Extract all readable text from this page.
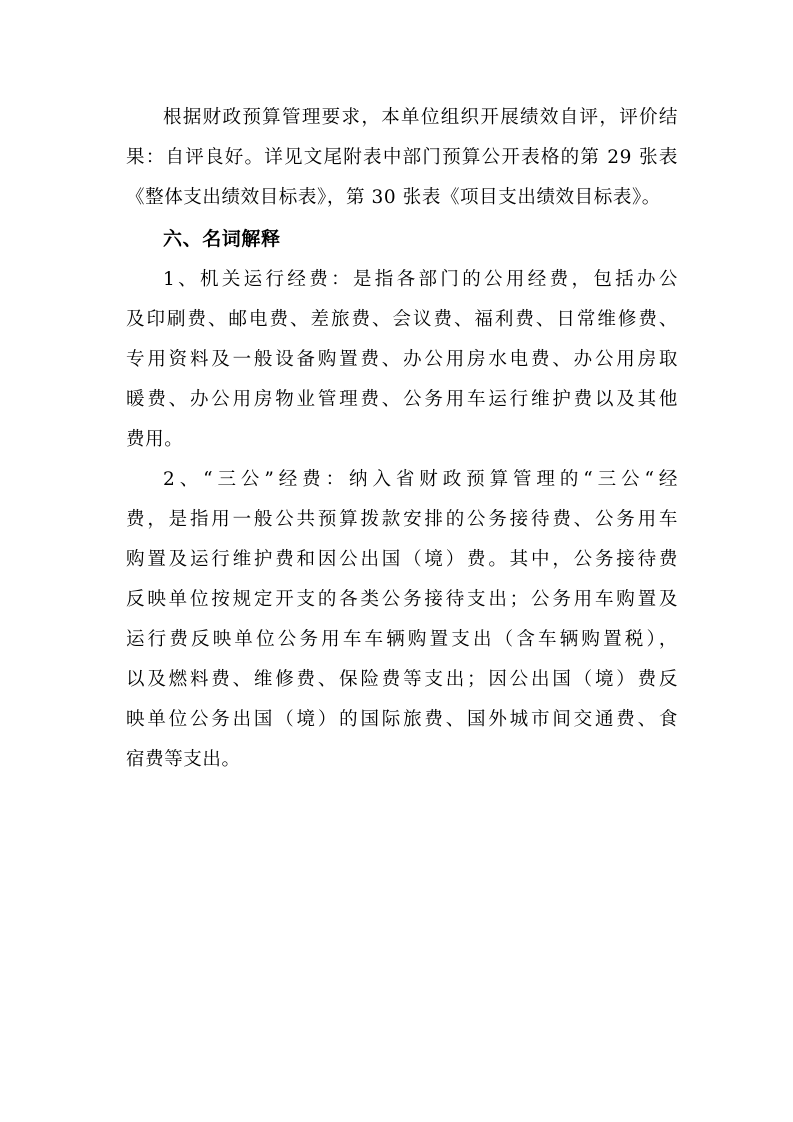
根据财政预算管理要求，本单位组织开展绩效自评，评价结
果：自评良好。详见文尾附表中部门预算公开表格的第 29 张表
《整体支出绩效目标表》，第 30 张表《项目支出绩效目标表》。

六、名词解释

1、机关运行经费：是指各部门的公用经费，包括办公
及印刷费、邮电费、差旅费、会议费、福利费、日常维修费、
专用资料及一般设备购置费、办公用房水电费、办公用房取
暖费、办公用房物业管理费、公务用车运行维护费以及其他
费用。

2、“三公”经费：纳入省财政预算管理的“三公“经
费，是指用一般公共预算拨款安排的公务接待费、公务用车
购置及运行维护费和因公出国（境）费。其中，公务接待费
反映单位按规定开支的各类公务接待支出；公务用车购置及
运行费反映单位公务用车车辆购置支出（含车辆购置税），
以及燃料费、维修费、保险费等支出；因公出国（境）费反
映单位公务出国（境）的国际旅费、国外城市间交通费、食
宿费等支出。
